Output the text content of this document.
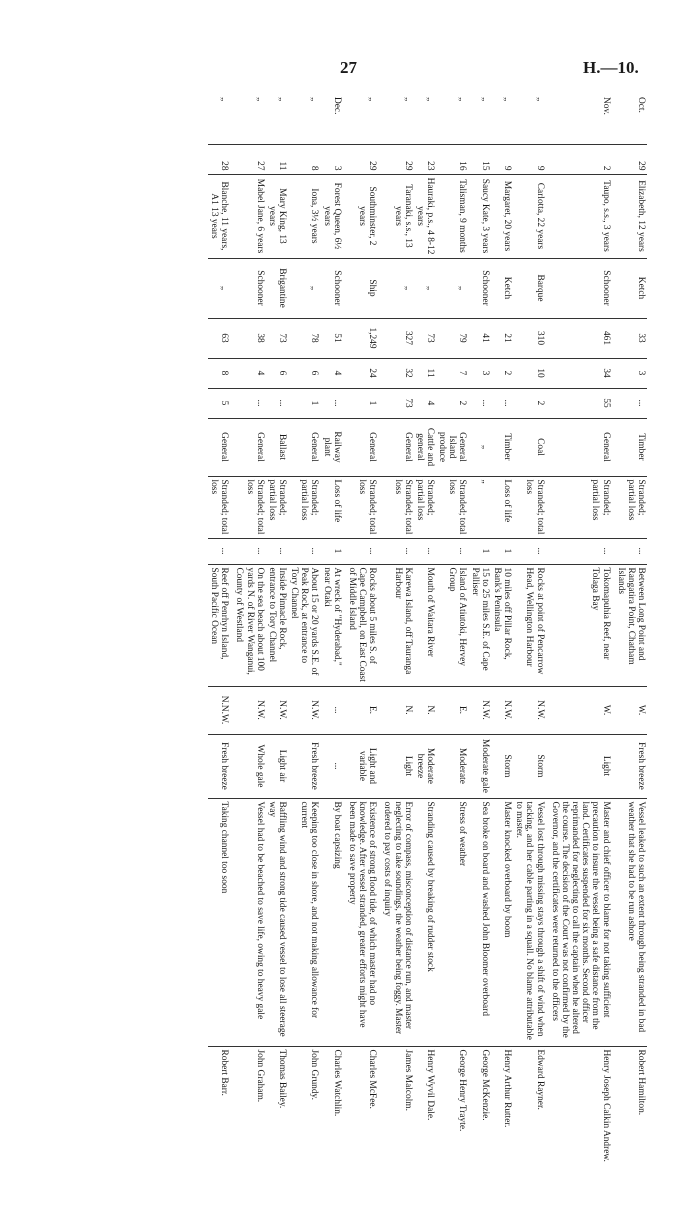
27	H.—10.
Oct.	29	Elizabeth, 12 years	Ketch	33	3	...	Timber	Stranded; partial loss	...	Between Long Point and Rangatira Point, Chatham Islands	W.	Fresh breeze	Vessel leaked to such an extent through being stranded in bad weather that she had to be run ashore	Robert Hamilton.
Nov.	2	Taupo, s.s., 3 years	Schooner	461	34	55	General	Stranded; partial loss	...	Tokomapuhia Reef, near Tolaga Bay	W.	Light	Master and chief officer to blame for not taking sufficient precaution to insure the vessel being a safe distance from the land. Certificates suspended for six months. Second officer reprimanded for neglecting to call the captain when he altered the course. The decision of the Court was not confirmed by the Governor, and the certificates were returned to the officers	Henry Joseph Calkin Andrew.
„	9	Carlotta, 22 years	Barque	310	10	2	Coal	Stranded; total loss	...	Rocks at point of Pencarrow Head, Wellington Harbour	N.W.	Storm	Vessel lost through missing stays through a shift of wind when tacking, and her cable parting in a squall. No blame attributable to master.	Edward Rayner.
„	9	Margaret, 20 years	Ketch	21	2	...	Timber	Loss of life	1	10 miles off Pillar Rock, Bank's Peninsula	N.W.	Storm	Master knocked overboard by boom	Henry Arthur Rutter.
„	15	Saucy Kate, 3 years	Schooner	41	3	...	„	„	1	15 to 25 miles S.E. of Cape Palliser	N.W.	Moderate gale	Sea broke on board and washed John Bloomer overboard	George McKenzie.
„	16	Talisman, 9 months	„	79	7	2	General Island produce	Stranded; total loss	...	Island of Atiutoki, Hervey Group	E.	Moderate	Stress of weather	George Henry Trayte.
„	23	Hauraki, p.s., 4 8-12 years	„	73	11	4	Cattle and general	Stranded; partial loss	...	Mouth of Waitara River	N.	Moderate breeze	Stranding caused by breaking of rudder stock	Henry Wyvil Dale.
„	29	Taranaki, s.s., 13 years	„	327	32	73	General	Stranded; total loss	...	Karewa Island, off Tauranga Harbour	N.	Light	Error of compass, misconception of distance run, and master neglecting to take soundings, the weather being foggy. Master ordered to pay costs of inquiry	James Malcolm.
„	29	Southminster, 2 years	Ship	1,249	24	1	General	Stranded; total loss	...	Rocks about 5 miles S. of Cape Campbell, on East Coast of Middle Island	E.	Light and variable	Existence of strong flood tide, of which master had no knowledge. After vessel stranded, greater efforts might have been made to save property	Charles McFee.
Dec.	3	Forest Queen, 6½ years	Schooner	51	4	...	Railway plant	Loss of life	1	At wreck of "Hyderabad," near Otaki	...	...	By boat capsizing	Charles Watchlin.
„	8	Iona, 3½ years	„	78	6	1	General	Stranded; partial loss	...	About 15 or 20 yards S.E. of Peak Rock, at entrance to Tory Channel	N.W.	Fresh breeze	Keeping too close in shore, and not making allowance for current	John Grundy.
„	11	Mary King, 13 years	Brigantine	73	6	...	Ballast	Stranded; partial loss	...	Inside Pinnacle Rock, entrance to Tory Channel	N.W.	Light air	Baffling wind and strong tide caused vessel to lose all steerage way	Thomas Bailey.
„	27	Mabel Jane, 6 years	Schooner	38	4	...	General	Stranded; total loss	...	On the sea beach about 100 yards N. of River Wanganui, County of Westland	N.W.	Whole gale	Vessel had to be beached to save life, owing to heavy gale	John Graham.
„	28	Blanche, 11 years, A1 13 years	„	63	8	5	General	Stranded; total loss	...	Reef off Penrhyn Island, South Pacific Ocean	N.N.W.	Fresh breeze	Taking channel too soon	Robert Barr.
